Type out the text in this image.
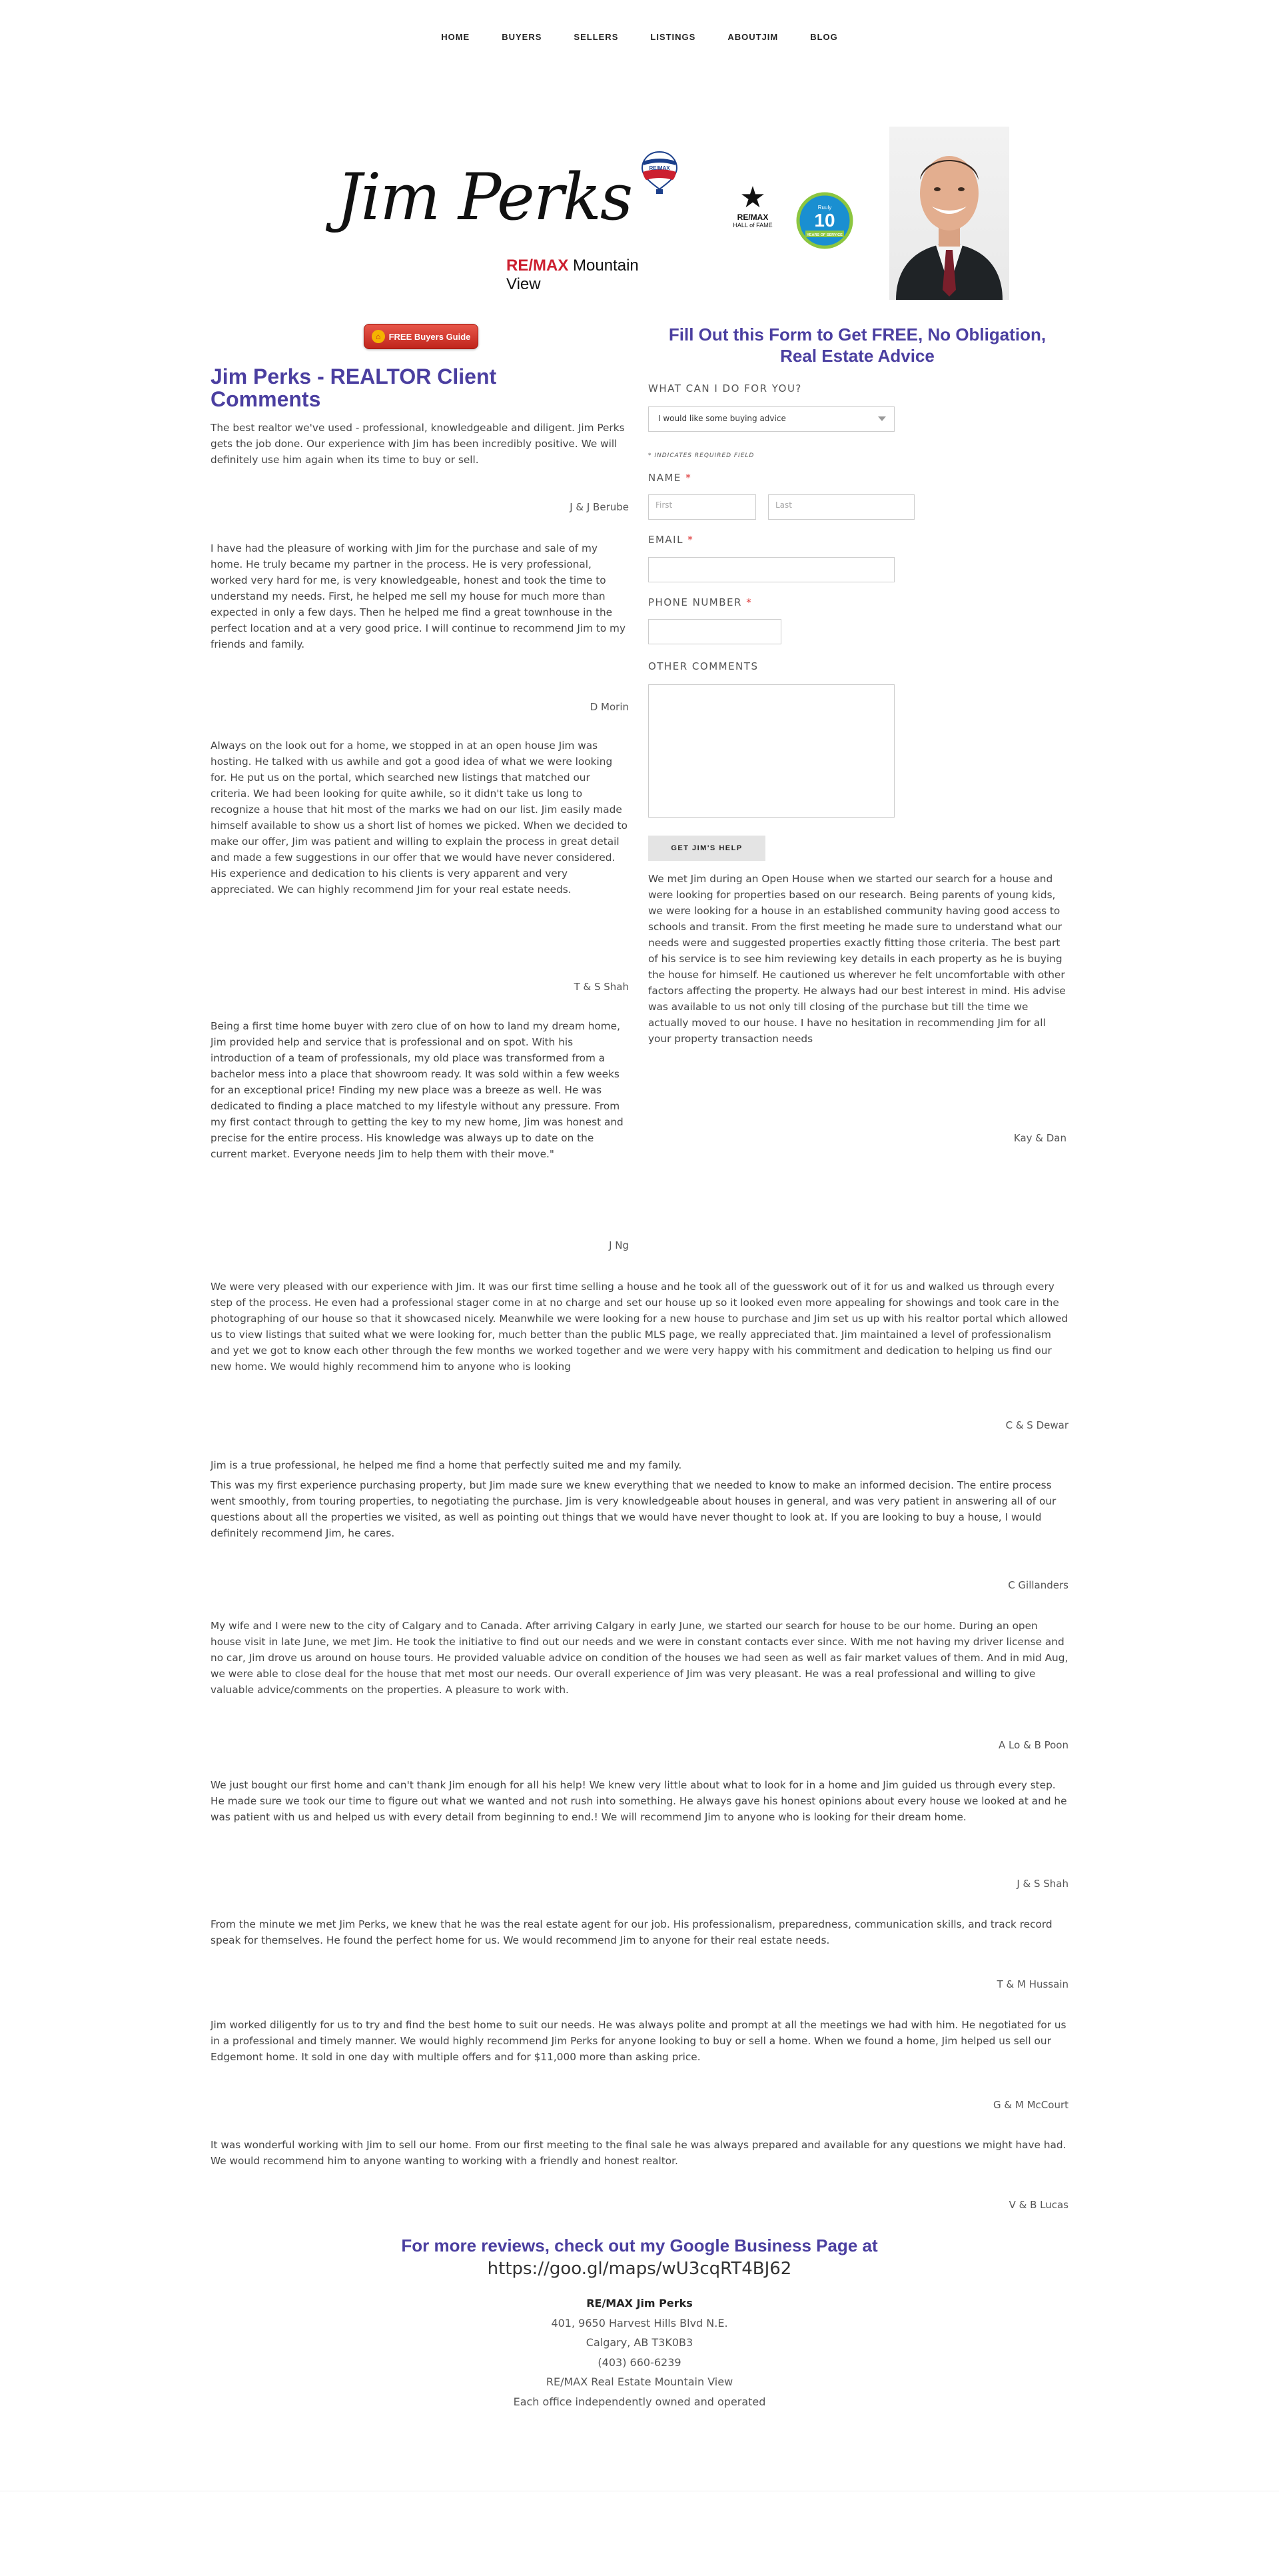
HOME	BUYERS	SELLERS	LISTINGS	ABOUTJIM	BLOG
Jim Perks
RE/MAX Mountain View
RE/MAX
★
RE/MAX
HALL of FAME
Ruuly
10
YEARS OF SERVICE
⌂ FREE Buyers Guide
Jim Perks - REALTOR Client Comments

The best realtor we've used - professional, knowledgeable and diligent. Jim Perks gets the job done. Our experience with Jim has been incredibly positive. We will definitely use him again when its time to buy or sell.

J & J Berube

I have had the pleasure of working with Jim for the purchase and sale of my home. He truly became my partner in the process. He is very professional, worked very hard for me, is very knowledgeable, honest and took the time to understand my needs. First, he helped me sell my house for much more than expected in only a few days. Then he helped me find a great townhouse in the perfect location and at a very good price. I will continue to recommend Jim to my friends and family.

D Morin

Always on the look out for a home, we stopped in at an open house Jim was hosting. He talked with us awhile and got a good idea of what we were looking for. He put us on the portal, which searched new listings that matched our criteria. We had been looking for quite awhile, so it didn't take us long to recognize a house that hit most of the marks we had on our list. Jim easily made himself available to show us a short list of homes we picked. When we decided to make our offer, Jim was patient and willing to explain the process in great detail and made a few suggestions in our offer that we would have never considered. His experience and dedication to his clients is very apparent and very appreciated. We can highly recommend Jim for your real estate needs.

T & S Shah

Being a first time home buyer with zero clue of on how to land my dream home, Jim provided help and service that is professional and on spot. With his introduction of a team of professionals, my old place was transformed from a bachelor mess into a place that showroom ready. It was sold within a few weeks for an exceptional price! Finding my new place was a breeze as well. He was dedicated to finding a place matched to my lifestyle without any pressure. From my first contact through to getting the key to my new home, Jim was honest and precise for the entire process. His knowledge was always up to date on the current market. Everyone needs Jim to help them with their move."

J Ng
Fill Out this Form to Get FREE, No Obligation, Real Estate Advice
WHAT CAN I DO FOR YOU?
I would like some buying advice
* INDICATES REQUIRED FIELD
NAME *
First	Last
EMAIL *
PHONE NUMBER *
OTHER COMMENTS
GET JIM'S HELP

We met Jim during an Open House when we started our search for a house and were looking for properties based on our research. Being parents of young kids, we were looking for a house in an established community having good access to schools and transit. From the first meeting he made sure to understand what our needs were and suggested properties exactly fitting those criteria. The best part of his service is to see him reviewing key details in each property as he is buying the house for himself. He cautioned us wherever he felt uncomfortable with other factors affecting the property. He always had our best interest in mind. His advise was available to us not only till closing of the purchase but till the time we actually moved to our house. I have no hesitation in recommending Jim for all your property transaction needs

Kay & Dan

We were very pleased with our experience with Jim. It was our first time selling a house and he took all of the guesswork out of it for us and walked us through every step of the process. He even had a professional stager come in at no charge and set our house up so it looked even more appealing for showings and took care in the photographing of our house so that it showcased nicely. Meanwhile we were looking for a new house to purchase and Jim set us up with his realtor portal which allowed us to view listings that suited what we were looking for, much better than the public MLS page, we really appreciated that. Jim maintained a level of professionalism and yet we got to know each other through the few months we worked together and we were very happy with his commitment and dedication to helping us find our new home. We would highly recommend him to anyone who is looking

C & S Dewar

Jim is a true professional, he helped me find a home that perfectly suited me and my family.

This was my first experience purchasing property, but Jim made sure we knew everything that we needed to know to make an informed decision. The entire process went smoothly, from touring properties, to negotiating the purchase. Jim is very knowledgeable about houses in general, and was very patient in answering all of our questions about all the properties we visited, as well as pointing out things that we would have never thought to look at. If you are looking to buy a house, I would definitely recommend Jim, he cares.

C Gillanders

My wife and I were new to the city of Calgary and to Canada. After arriving Calgary in early June, we started our search for house to be our home. During an open house visit in late June, we met Jim. He took the initiative to find out our needs and we were in constant contacts ever since. With me not having my driver license and no car, Jim drove us around on house tours. He provided valuable advice on condition of the houses we had seen as well as fair market values of them. And in mid Aug, we were able to close deal for the house that met most our needs. Our overall experience of Jim was very pleasant. He was a real professional and willing to give valuable advice/comments on the properties. A pleasure to work with.

A Lo & B Poon

We just bought our first home and can't thank Jim enough for all his help! We knew very little about what to look for in a home and Jim guided us through every step. He made sure we took our time to figure out what we wanted and not rush into something. He always gave his honest opinions about every house we looked at and he was patient with us and helped us with every detail from beginning to end.! We will recommend Jim to anyone who is looking for their dream home.

J & S Shah

From the minute we met Jim Perks, we knew that he was the real estate agent for our job. His professionalism, preparedness, communication skills, and track record speak for themselves. He found the perfect home for us. We would recommend Jim to anyone for their real estate needs.

T & M Hussain

Jim worked diligently for us to try and find the best home to suit our needs. He was always polite and prompt at all the meetings we had with him. He negotiated for us in a professional and timely manner. We would highly recommend Jim Perks for anyone looking to buy or sell a home. When we found a home, Jim helped us sell our Edgemont home. It sold in one day with multiple offers and for $11,000 more than asking price.

G & M McCourt

It was wonderful working with Jim to sell our home. From our first meeting to the final sale he was always prepared and available for any questions we might have had. We would recommend him to anyone wanting to working with a friendly and honest realtor.

V & B Lucas
For more reviews, check out my Google Business Page at
https://goo.gl/maps/wU3cqRT4BJ62
RE/MAX Jim Perks
401, 9650 Harvest Hills Blvd N.E.
Calgary, AB T3K0B3
(403) 660-6239
RE/MAX Real Estate Mountain View
Each office independently owned and operated
